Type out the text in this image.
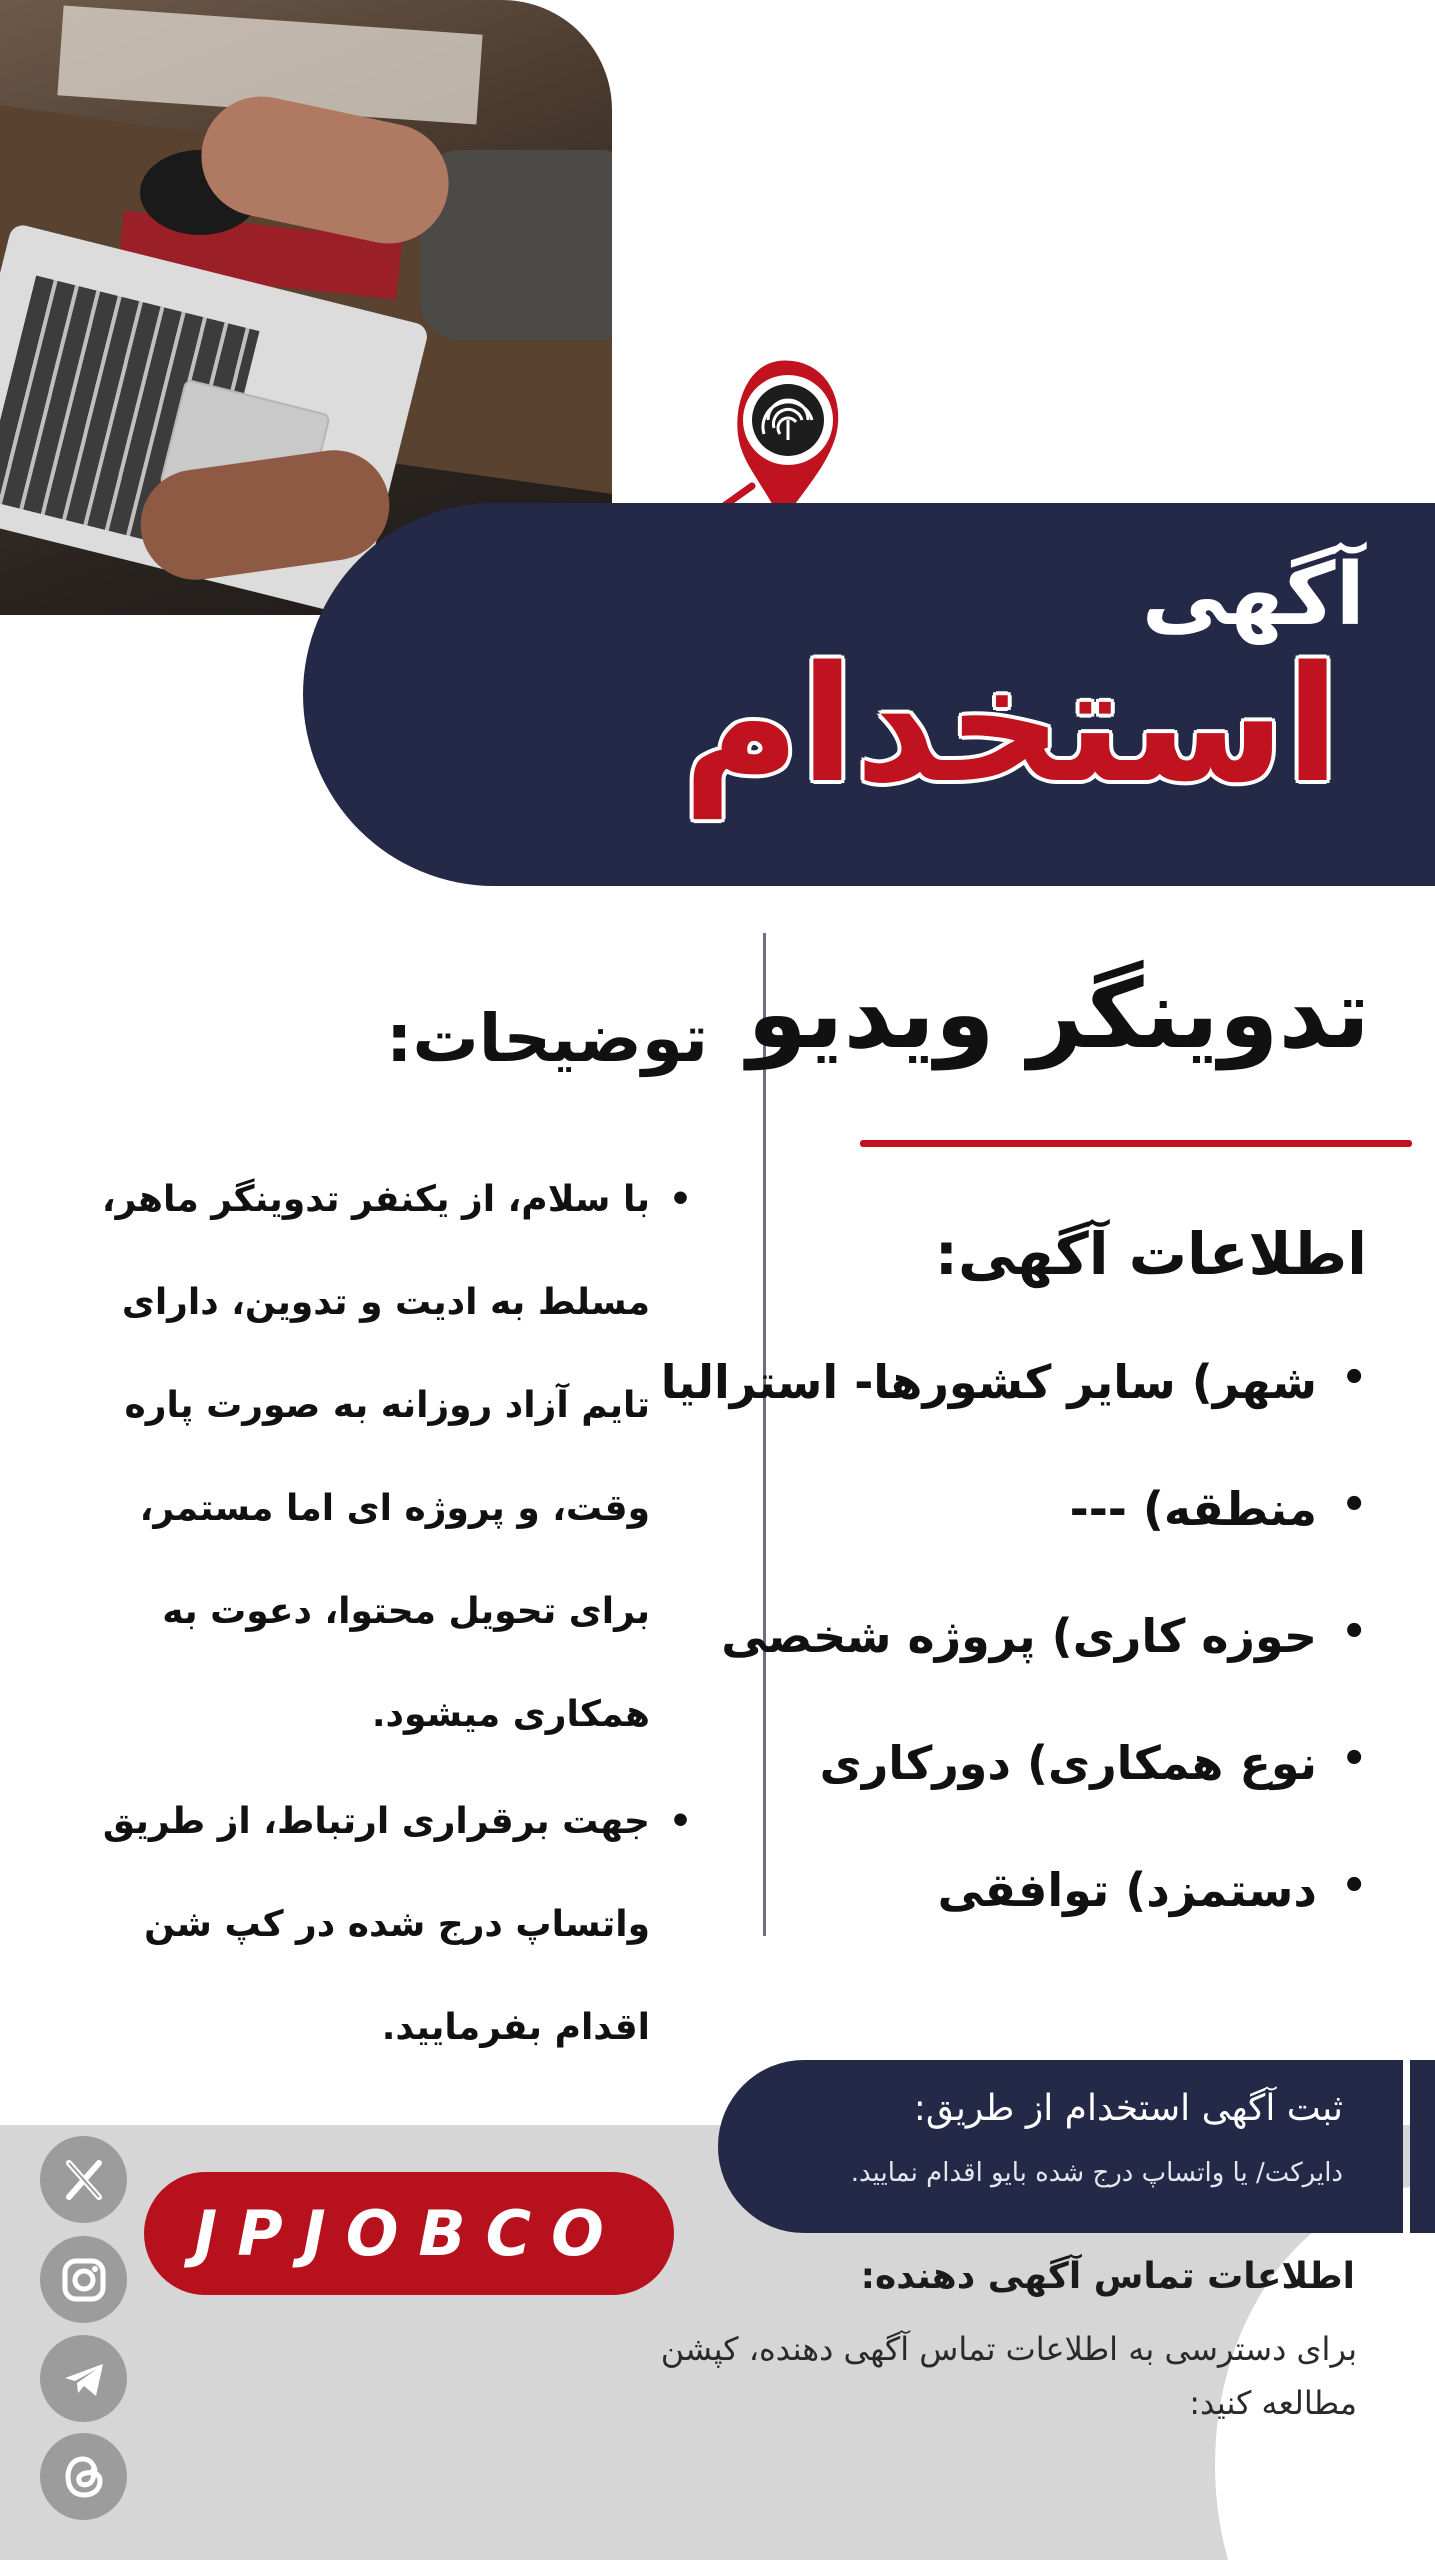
آگهی
استخدام
تدوینگر ویدیو
اطلاعات آگهی:
• شهر) سایر کشورها- استرالیا
• منطقه) ---
• حوزه کاری) پروژه شخصی
• نوع همکاری) دورکاری
• دستمزد) توافقی
توضیحات:

• با سلام، از یکنفر تدوینگر ماهر، مسلط به ادیت و تدوین، دارای تایم آزاد روزانه به صورت پاره وقت، و پروژه ای اما مستمر، برای تحویل محتوا، دعوت به همکاری میشود.

• جهت برقراری ارتباط، از طریق واتساپ درج شده در کپ شن اقدام بفرمایید.

ثبت آگهی استخدام از طریق:
دایرکت/ یا واتساپ درج شده بایو اقدام نمایید.
اطلاعات تماس آگهی دهنده:
برای دسترسی به اطلاعات تماس آگهی دهنده، کپشن مطالعه کنید:
JPJOBCO
